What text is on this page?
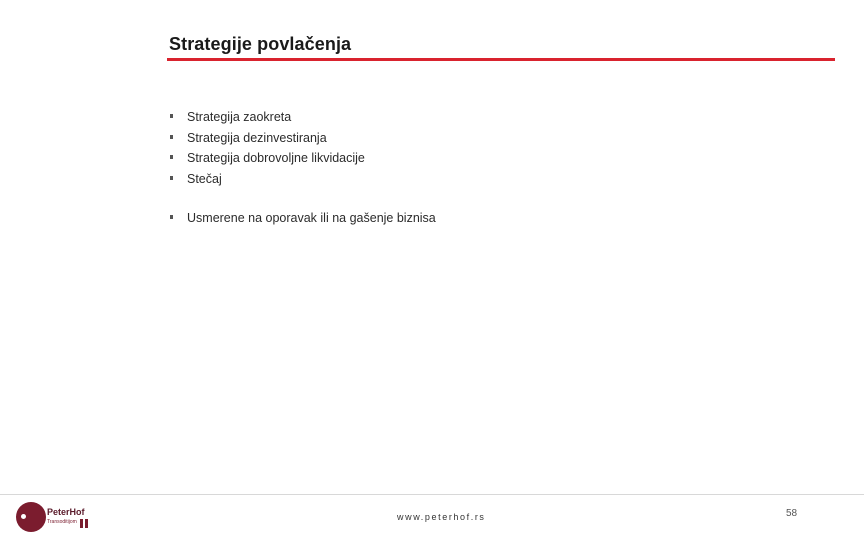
Strategije povlačenja
Strategija zaokreta
Strategija dezinvestiranja
Strategija dobrovoljne likvidacije
Stečaj
Usmerene na oporavak ili na gašenje biznisa
PeterHof
Transoditijom	www.peterhof.rs	58
